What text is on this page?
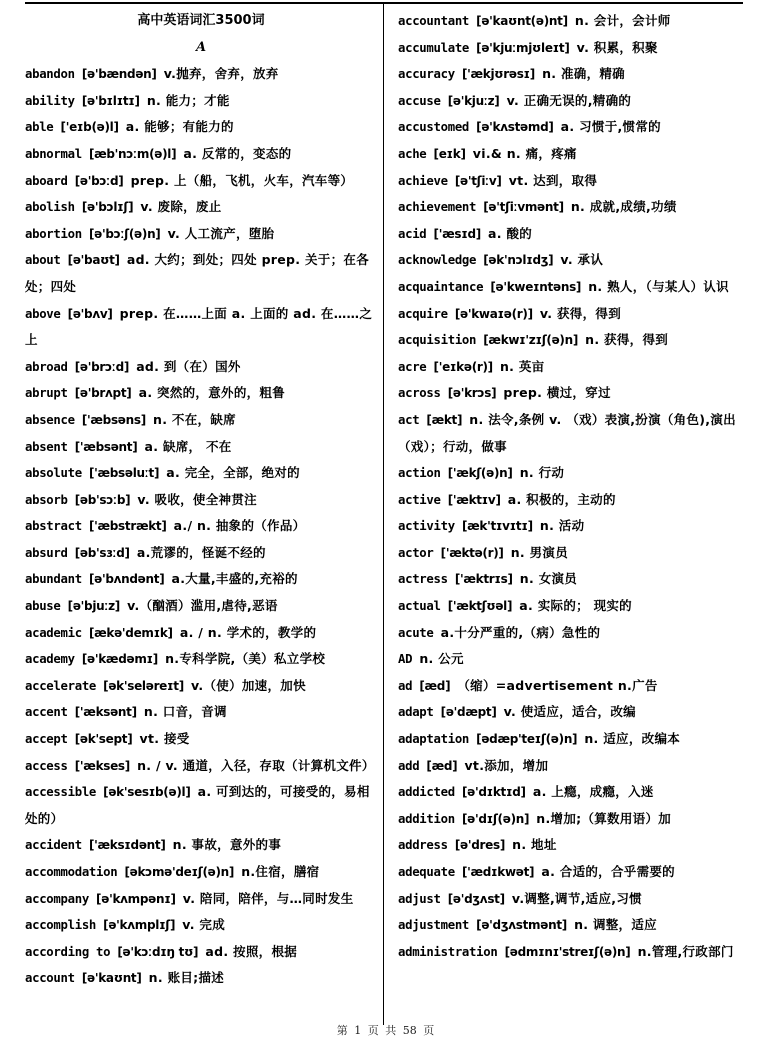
高中英语词汇3500词
A
abandon [ə'bændən] v.抛弃，舍弃，放弃
ability [ə'bɪlɪtɪ] n. 能力；才能
able ['eɪb(ə)l] a. 能够；有能力的
abnormal [æb'nɔːm(ə)l] a. 反常的，变态的
aboard [ə'bɔːd] prep. 上（船，飞机，火车，汽车等）
abolish [ə'bɔlɪʃ] v. 废除，废止
abortion [ə'bɔːʃ(ə)n] v. 人工流产，堕胎
about [ə'baʊt] ad. 大约；到处；四处 prep. 关于；在各处；四处
above [ə'bʌv] prep. 在……上面 a. 上面的 ad. 在……之上
abroad [ə'brɔːd] ad. 到（在）国外
abrupt [ə'brʌpt] a. 突然的，意外的，粗鲁
absence ['æbsəns] n. 不在，缺席
absent ['æbsənt] a. 缺席， 不在
absolute ['æbsəluːt] a. 完全，全部，绝对的
absorb [əb'sɔːb] v. 吸收，使全神贯注
abstract ['æbstrækt] a./ n. 抽象的（作品）
absurd [əb'sɜːd] a.荒谬的，怪诞不经的
abundant [ə'bʌndənt] a.大量,丰盛的,充裕的
abuse [ə'bjuːz] v.（酗酒）滥用,虐待,恶语
academic [ækə'demɪk] a. / n. 学术的，教学的
academy [ə'kædəmɪ] n.专科学院,（美）私立学校
accelerate [ək'seləreɪt] v.（使）加速，加快
accent ['æksənt] n. 口音，音调
accept [ək'sept] vt. 接受
access ['ækses] n. / v. 通道，入径，存取（计算机文件）
accessible [ək'sesɪb(ə)l] a. 可到达的，可接受的，易相处的）
accident ['æksɪdənt] n. 事故，意外的事
accommodation [əkɔmə'deɪʃ(ə)n] n.住宿，膳宿
accompany [ə'kʌmpənɪ] v. 陪同，陪伴，与…同时发生
accomplish [ə'kʌmplɪʃ] v. 完成
according to [ə'kɔːdɪŋ tʊ] ad. 按照，根据
account [ə'kaʊnt] n. 账目;描述
accountant [ə'kaʊnt(ə)nt] n. 会计，会计师
accumulate [ə'kjuːmjʊleɪt] v. 积累，积聚
accuracy ['ækjʊrəsɪ] n. 准确，精确
accuse [ə'kjuːz] v. 正确无误的,精确的
accustomed [ə'kʌstəmd] a. 习惯于,惯常的
ache [eɪk] vi.& n. 痛，疼痛
achieve [ə'tʃiːv] vt. 达到，取得
achievement [ə'tʃiːvmənt] n. 成就,成绩,功绩
acid ['æsɪd] a. 酸的
acknowledge [ək'nɔlɪdʒ] v. 承认
acquaintance [ə'kweɪntəns] n. 熟人，（与某人）认识
acquire [ə'kwaɪə(r)] v. 获得，得到
acquisition [ækwɪ'zɪʃ(ə)n] n. 获得，得到
acre ['eɪkə(r)] n. 英亩
across [ə'krɔs] prep. 横过，穿过
act [ækt] n. 法令,条例 v. （戏）表演,扮演（角色),演出（戏）；行动，做事
action ['ækʃ(ə)n] n. 行动
active ['æktɪv] a. 积极的，主动的
activity [æk'tɪvɪtɪ] n. 活动
actor ['æktə(r)] n. 男演员
actress ['æktrɪs] n. 女演员
actual ['æktʃʊəl] a. 实际的； 现实的
acute a.十分严重的,（病）急性的
AD n. 公元
ad [æd] （缩）=advertisement n.广告
adapt [ə'dæpt] v. 使适应，适合，改编
adaptation [ədæp'teɪʃ(ə)n] n. 适应，改编本
add [æd] vt.添加，增加
addicted [ə'dɪktɪd] a. 上瘾，成瘾，入迷
addition [ə'dɪʃ(ə)n] n.增加;（算数用语）加
address [ə'dres] n. 地址
adequate ['ædɪkwət] a. 合适的，合乎需要的
adjust [ə'dʒʌst] v.调整,调节,适应,习惯
adjustment [ə'dʒʌstmənt] n. 调整，适应
administration [ədmɪnɪ'streɪʃ(ə)n] n.管理,行政部门
第 1 页 共 58 页
